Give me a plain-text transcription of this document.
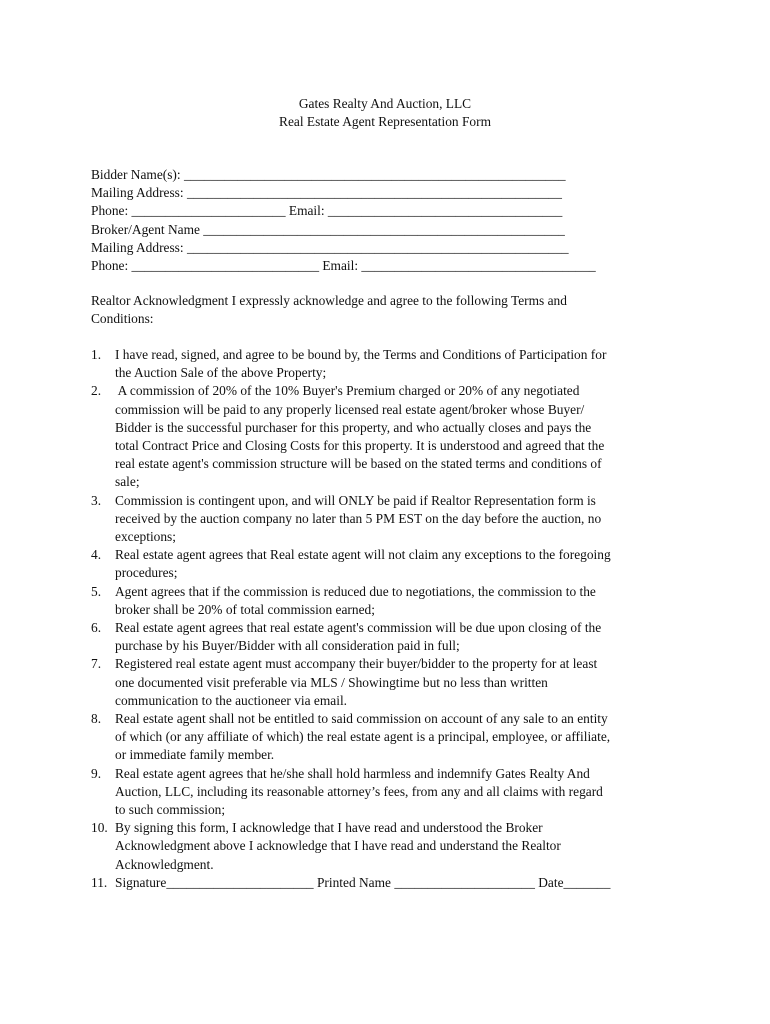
Gates Realty And Auction, LLC
Real Estate Agent Representation Form
Bidder Name(s): _________________________________________________________
Mailing Address: ________________________________________________________
Phone: _______________________ Email: ___________________________________
Broker/Agent Name ______________________________________________________
Mailing Address: _________________________________________________________
Phone: ____________________________ Email: ___________________________________
Realtor Acknowledgment I expressly acknowledge and agree to the following Terms and
Conditions:
1. I have read, signed, and agree to be bound by, the Terms and Conditions of Participation for
the Auction Sale of the above Property;
2. A commission of 20% of the 10% Buyer's Premium charged or 20% of any negotiated
commission will be paid to any properly licensed real estate agent/broker whose Buyer/
Bidder is the successful purchaser for this property, and who actually closes and pays the
total Contract Price and Closing Costs for this property. It is understood and agreed that the
real estate agent's commission structure will be based on the stated terms and conditions of
sale;
3. Commission is contingent upon, and will ONLY be paid if Realtor Representation form is
received by the auction company no later than 5 PM EST on the day before the auction, no
exceptions;
4. Real estate agent agrees that Real estate agent will not claim any exceptions to the foregoing
procedures;
5. Agent agrees that if the commission is reduced due to negotiations, the commission to the
broker shall be 20% of total commission earned;
6. Real estate agent agrees that real estate agent's commission will be due upon closing of the
purchase by his Buyer/Bidder with all consideration paid in full;
7. Registered real estate agent must accompany their buyer/bidder to the property for at least
one documented visit preferable via MLS / Showingtime but no less than written
communication to the auctioneer via email.
8. Real estate agent shall not be entitled to said commission on account of any sale to an entity
of which (or any affiliate of which) the real estate agent is a principal, employee, or affiliate,
or immediate family member.
9. Real estate agent agrees that he/she shall hold harmless and indemnify Gates Realty And
Auction, LLC, including its reasonable attorney’s fees, from any and all claims with regard
to such commission;
10. By signing this form, I acknowledge that I have read and understood the Broker
Acknowledgment above I acknowledge that I have read and understand the Realtor
Acknowledgment.
11. Signature______________________ Printed Name _____________________ Date_______
